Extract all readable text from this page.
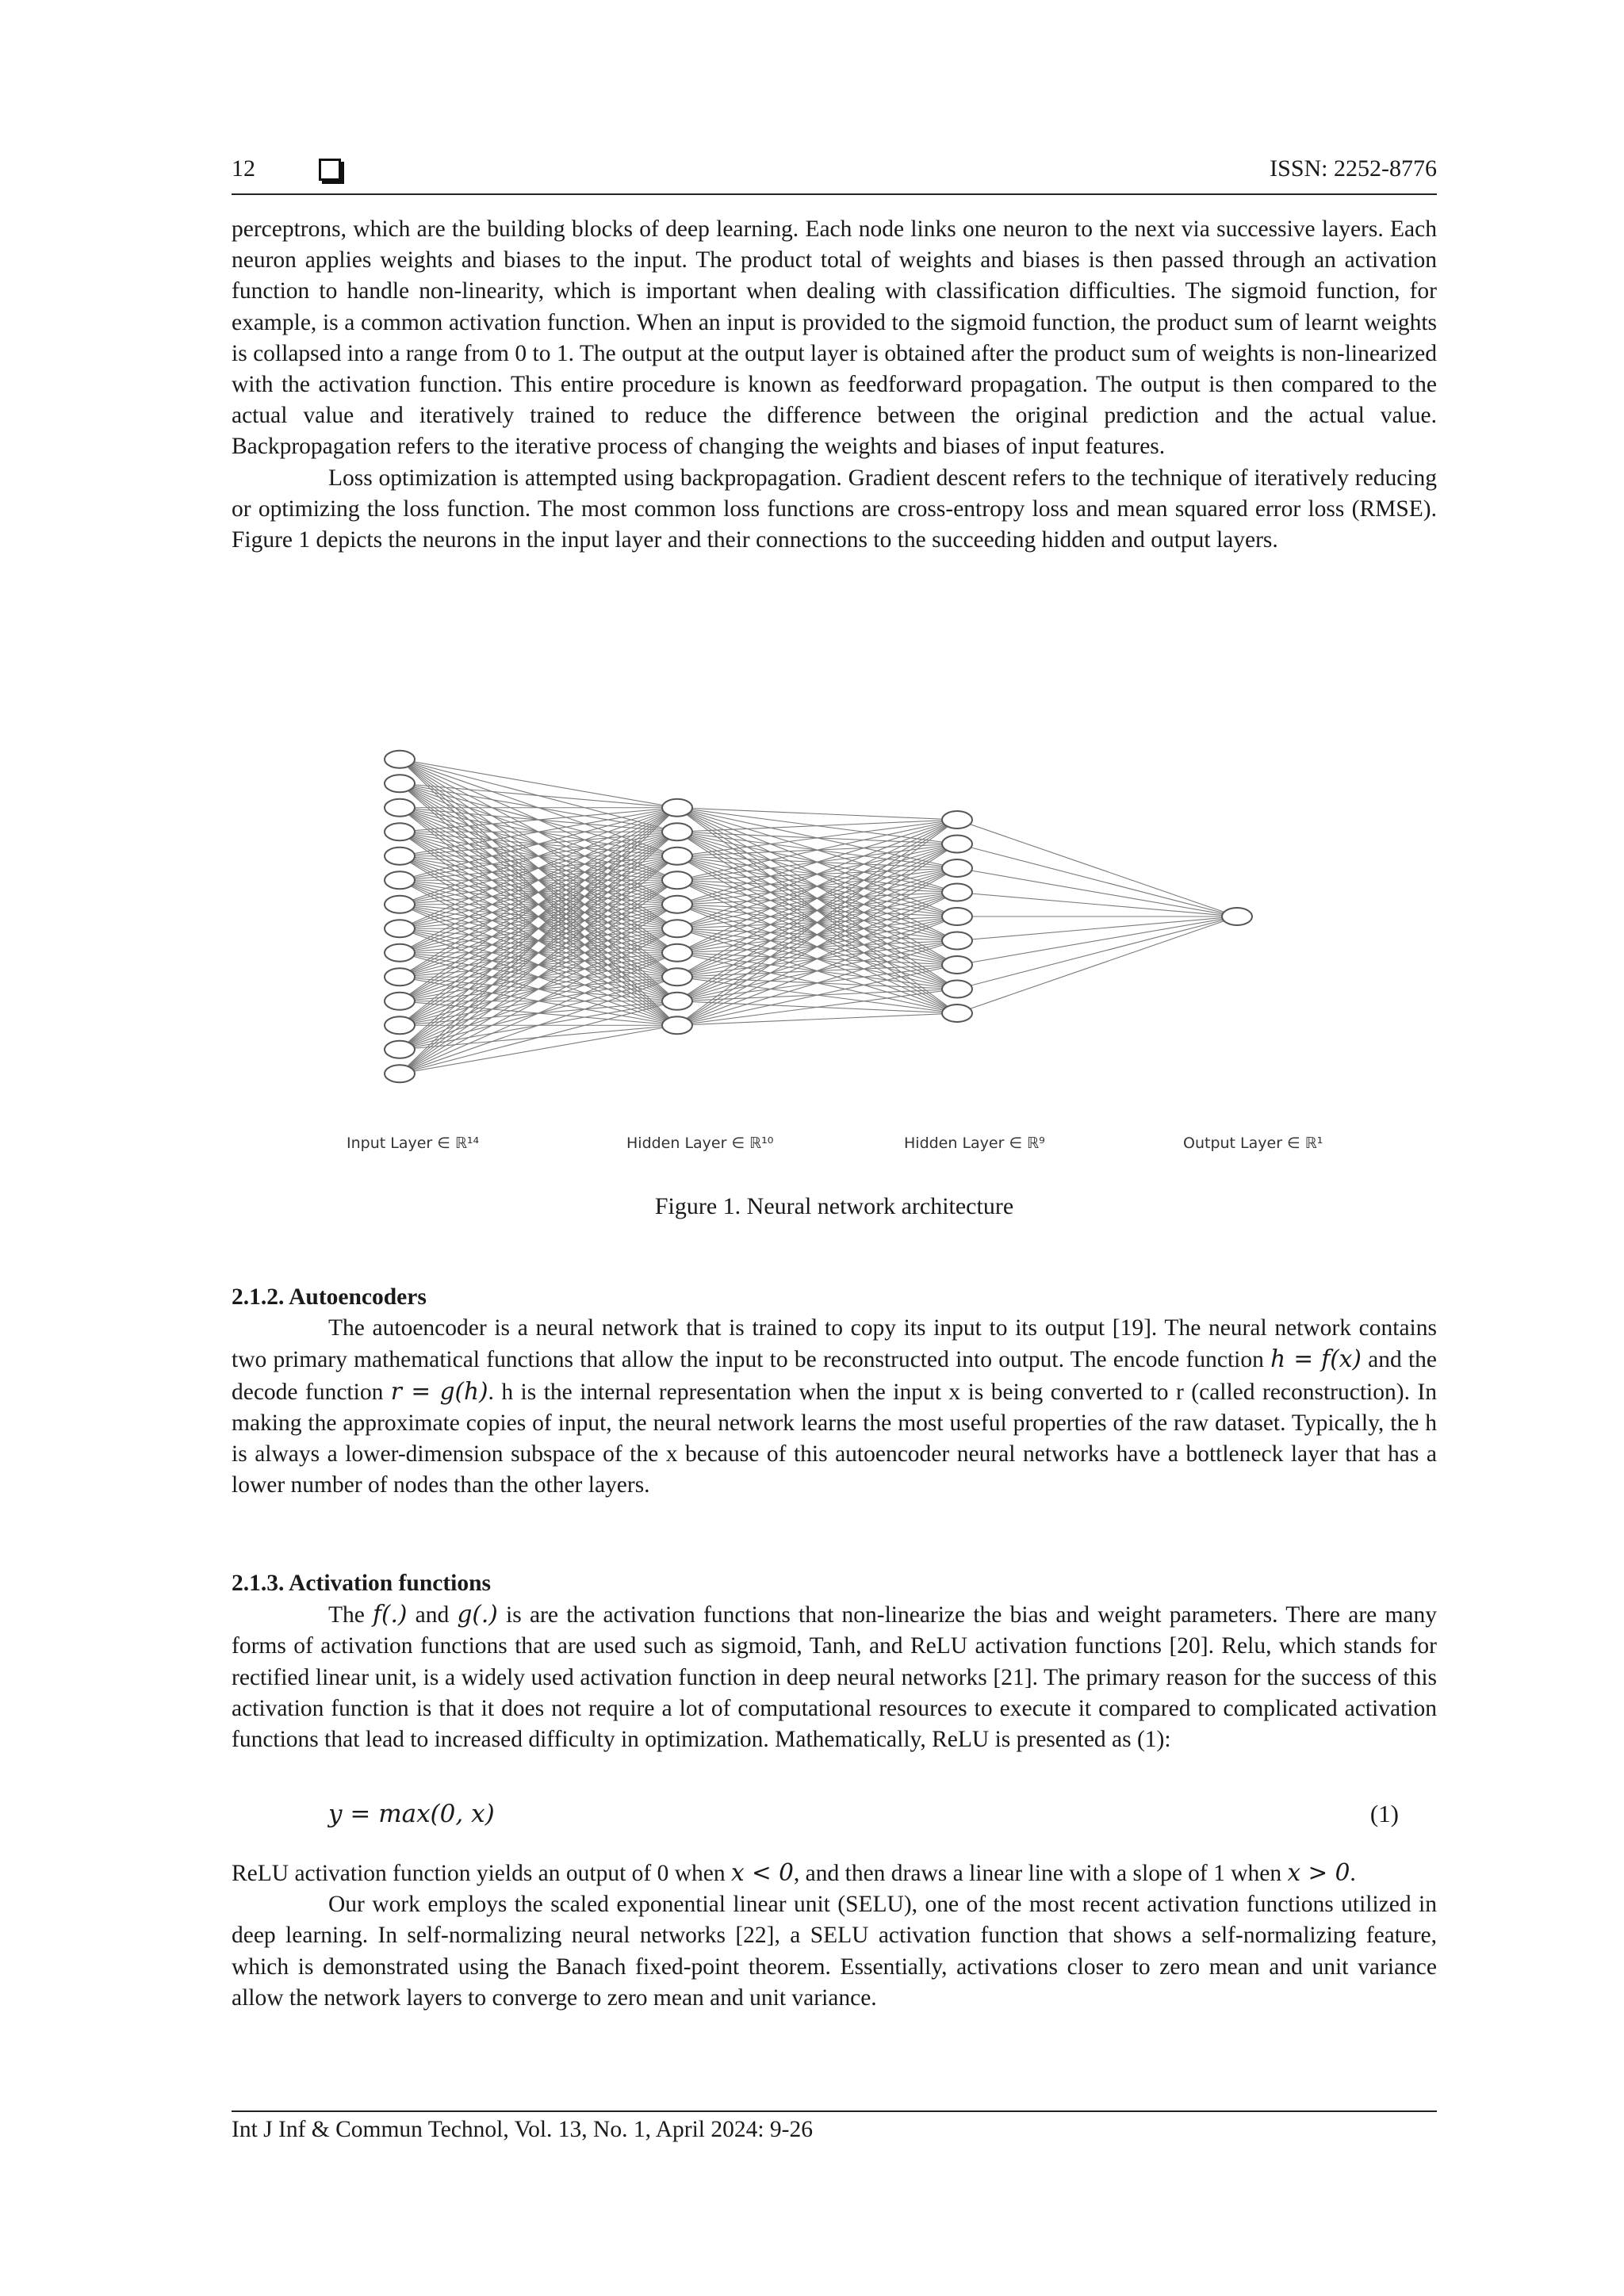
12	ISSN: 2252-8776

perceptrons, which are the building blocks of deep learning. Each node links one neuron to the next via successive layers. Each neuron applies weights and biases to the input. The product total of weights and biases is then passed through an activation function to handle non-linearity, which is important when dealing with classification difficulties. The sigmoid function, for example, is a common activation function. When an input is provided to the sigmoid function, the product sum of learnt weights is collapsed into a range from 0 to 1. The output at the output layer is obtained after the product sum of weights is non-linearized with the activation function. This entire procedure is known as feedforward propagation. The output is then compared to the actual value and iteratively trained to reduce the difference between the original prediction and the actual value. Backpropagation refers to the iterative process of changing the weights and biases of input features.

Loss optimization is attempted using backpropagation. Gradient descent refers to the technique of iteratively reducing or optimizing the loss function. The most common loss functions are cross-entropy loss and mean squared error loss (RMSE). Figure 1 depicts the neurons in the input layer and their connections to the succeeding hidden and output layers.

Input Layer ∈ ℝ¹⁴	Hidden Layer ∈ ℝ¹⁰	Hidden Layer ∈ ℝ⁹	Output Layer ∈ ℝ¹
Figure 1. Neural network architecture

2.1.2. Autoencoders

The autoencoder is a neural network that is trained to copy its input to its output [19]. The neural network contains two primary mathematical functions that allow the input to be reconstructed into output. The encode function h = f(x) and the decode function r = g(h). h is the internal representation when the input x is being converted to r (called reconstruction). In making the approximate copies of input, the neural network learns the most useful properties of the raw dataset. Typically, the h is always a lower-dimension subspace of the x because of this autoencoder neural networks have a bottleneck layer that has a lower number of nodes than the other layers.

2.1.3. Activation functions

The f(.) and g(.) is are the activation functions that non-linearize the bias and weight parameters. There are many forms of activation functions that are used such as sigmoid, Tanh, and ReLU activation functions [20]. Relu, which stands for rectified linear unit, is a widely used activation function in deep neural networks [21]. The primary reason for the success of this activation function is that it does not require a lot of computational resources to execute it compared to complicated activation functions that lead to increased difficulty in optimization. Mathematically, ReLU is presented as (1):

y = max(0, x)	(1)

ReLU activation function yields an output of 0 when x < 0, and then draws a linear line with a slope of 1 when x > 0.

Our work employs the scaled exponential linear unit (SELU), one of the most recent activation functions utilized in deep learning. In self-normalizing neural networks [22], a SELU activation function that shows a self-normalizing feature, which is demonstrated using the Banach fixed-point theorem. Essentially, activations closer to zero mean and unit variance allow the network layers to converge to zero mean and unit variance.

Int J Inf & Commun Technol, Vol. 13, No. 1, April 2024: 9-26
